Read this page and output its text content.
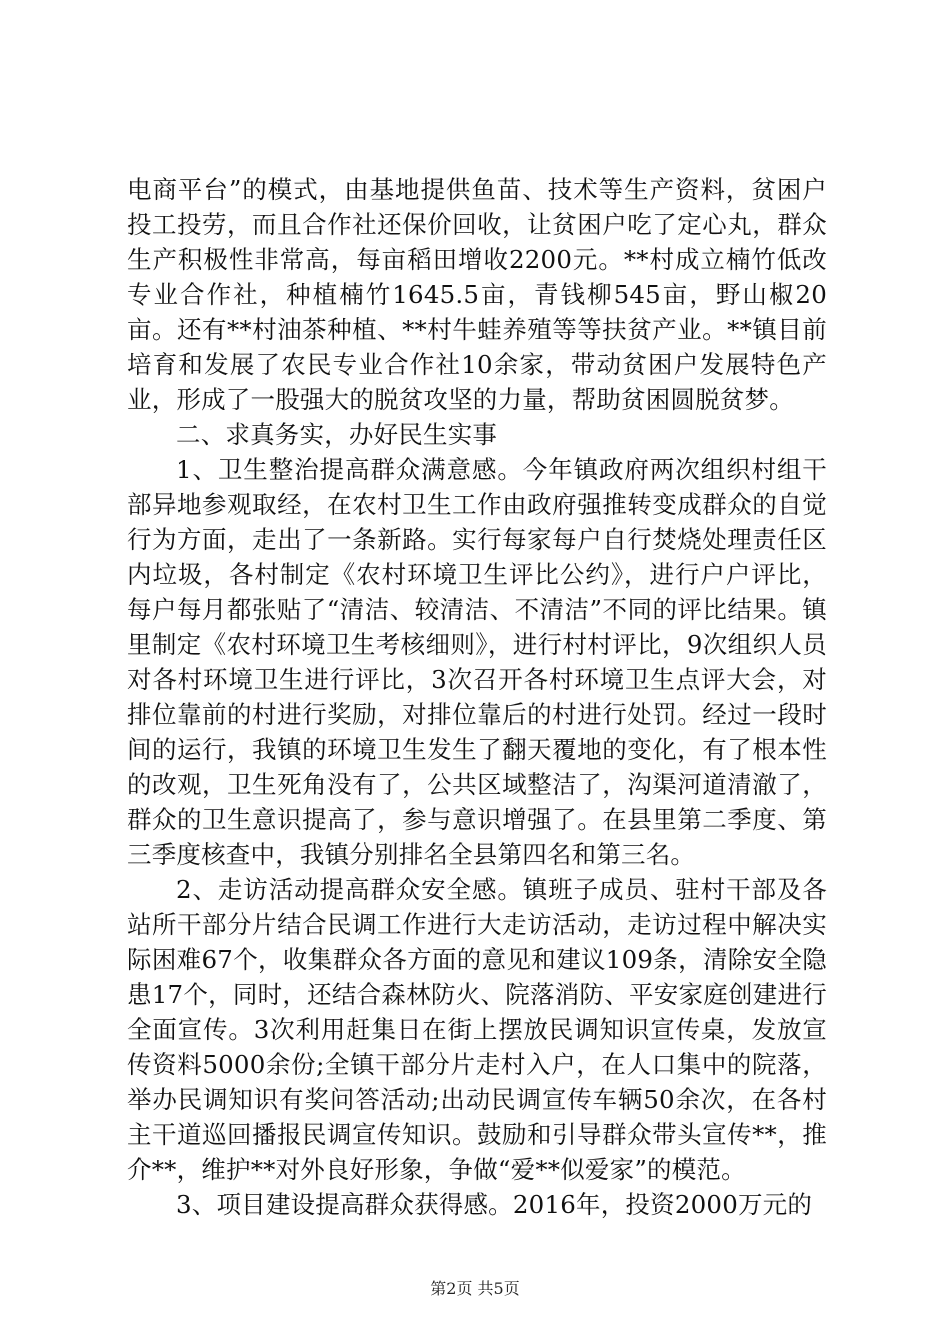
电商平台”的模式，由基地提供鱼苗、技术等生产资料，贫困户投工投劳，而且合作社还保价回收，让贫困户吃了定心丸，群众生产积极性非常高，每亩稻田增收2200元。**村成立楠竹低改专业合作社，种植楠竹1645.5亩，青钱柳545亩，野山椒20亩。还有**村油茶种植、**村牛蛙养殖等等扶贫产业。**镇目前培育和发展了农民专业合作社10余家，带动贫困户发展特色产业，形成了一股强大的脱贫攻坚的力量，帮助贫困圆脱贫梦。

二、求真务实，办好民生实事

1、卫生整治提高群众满意感。今年镇政府两次组织村组干部异地参观取经，在农村卫生工作由政府强推转变成群众的自觉行为方面，走出了一条新路。实行每家每户自行焚烧处理责任区内垃圾，各村制定《农村环境卫生评比公约》，进行户户评比，每户每月都张贴了“清洁、较清洁、不清洁”不同的评比结果。镇里制定《农村环境卫生考核细则》，进行村村评比，9次组织人员对各村环境卫生进行评比，3次召开各村环境卫生点评大会，对排位靠前的村进行奖励，对排位靠后的村进行处罚。经过一段时间的运行，我镇的环境卫生发生了翻天覆地的变化，有了根本性的改观，卫生死角没有了，公共区域整洁了，沟渠河道清澈了，群众的卫生意识提高了，参与意识增强了。在县里第二季度、第三季度核查中，我镇分别排名全县第四名和第三名。

2、走访活动提高群众安全感。镇班子成员、驻村干部及各站所干部分片结合民调工作进行大走访活动，走访过程中解决实际困难67个，收集群众各方面的意见和建议109条，清除安全隐患17个，同时，还结合森林防火、院落消防、平安家庭创建进行全面宣传。3次利用赶集日在街上摆放民调知识宣传桌，发放宣传资料5000余份;全镇干部分片走村入户，在人口集中的院落，举办民调知识有奖问答活动;出动民调宣传车辆50余次，在各村主干道巡回播报民调宣传知识。鼓励和引导群众带头宣传**，推介**，维护**对外良好形象，争做“爱**似爱家”的模范。

3、项目建设提高群众获得感。2016年，投资2000万元的

第2页 共5页
